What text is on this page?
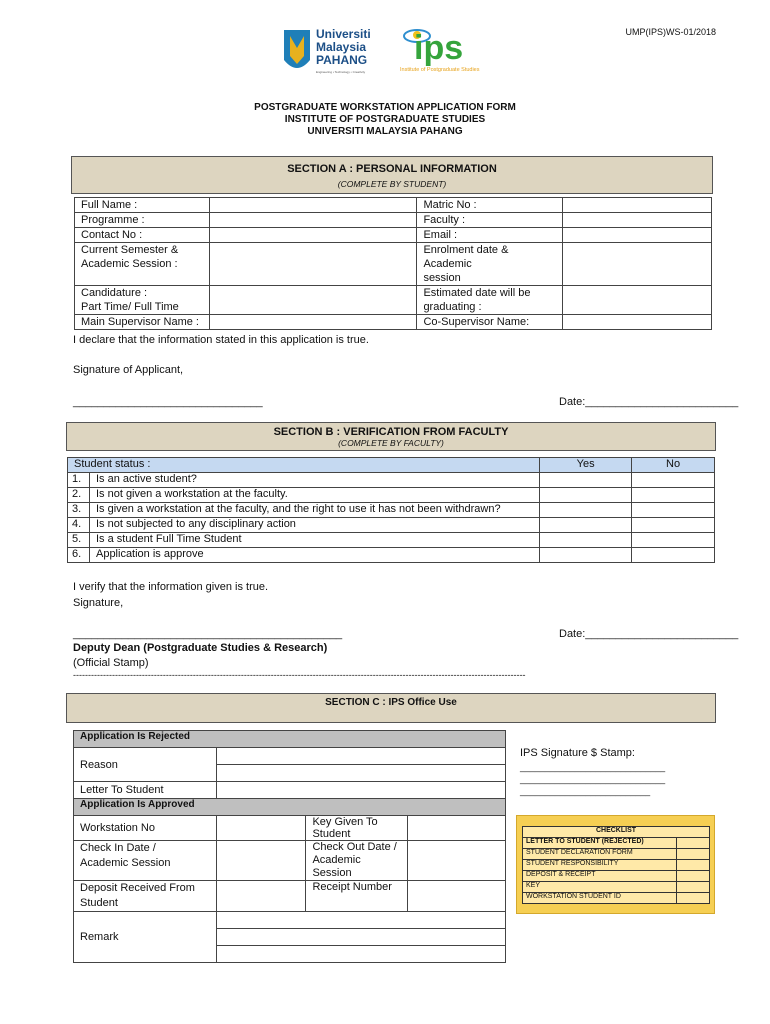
UMP(IPS)WS-01/2018
Universiti
Malaysia
PAHANG
Engineering • Technology • Creativity
ips
Institute of Postgraduate Studies
POSTGRADUATE WORKSTATION APPLICATION FORM
INSTITUTE OF POSTGRADUATE STUDIES
UNIVERSITI MALAYSIA PAHANG
SECTION A : PERSONAL INFORMATION
(COMPLETE BY STUDENT)
Full Name :		Matric No :	
Programme :		Faculty :	
Contact No :		Email :	
Current Semester &
Academic Session :		Enrolment date & Academic
session	
Candidature :
Part Time/ Full Time		Estimated date will be
graduating :	
Main Supervisor Name :		Co-Supervisor Name:	
I declare that the information stated in this application is true.
Signature of Applicant,
_______________________________	Date:_________________________
SECTION B : VERIFICATION FROM FACULTY
(COMPLETE BY FACULTY)
Student status :		Yes	No
1.	Is an active student?		
2.	Is not given a workstation at the faculty.		
3.	Is given a workstation at the faculty, and the right to use it has not been withdrawn?		
4.	Is not subjected to any disciplinary action		
5.	Is a student Full Time Student		
6.	Application is approve		
I verify that the information given is true.
Signature,
____________________________________________	Date:_________________________
Deputy Dean (Postgraduate Studies & Research)
(Official Stamp)
-------------------------------------------------------------------------------------------------------------------------------------------------------
SECTION C : IPS Office Use
Application Is Rejected			
Reason			

Letter To Student			
Application Is Approved			
Workstation No		Key Given To Student	
Check In Date /
Academic Session		Check Out Date /
Academic Session	
Deposit Received From
Student		Receipt Number	
Remark			

IPS Signature $ Stamp:
_____________________________
_____________________________
__________________________
CHECKLIST	
LETTER TO STUDENT (REJECTED)	
STUDENT DECLARATION FORM	
STUDENT RESPONSIBILITY	
DEPOSIT & RECEIPT	
KEY	
WORKSTATION STUDENT ID	
